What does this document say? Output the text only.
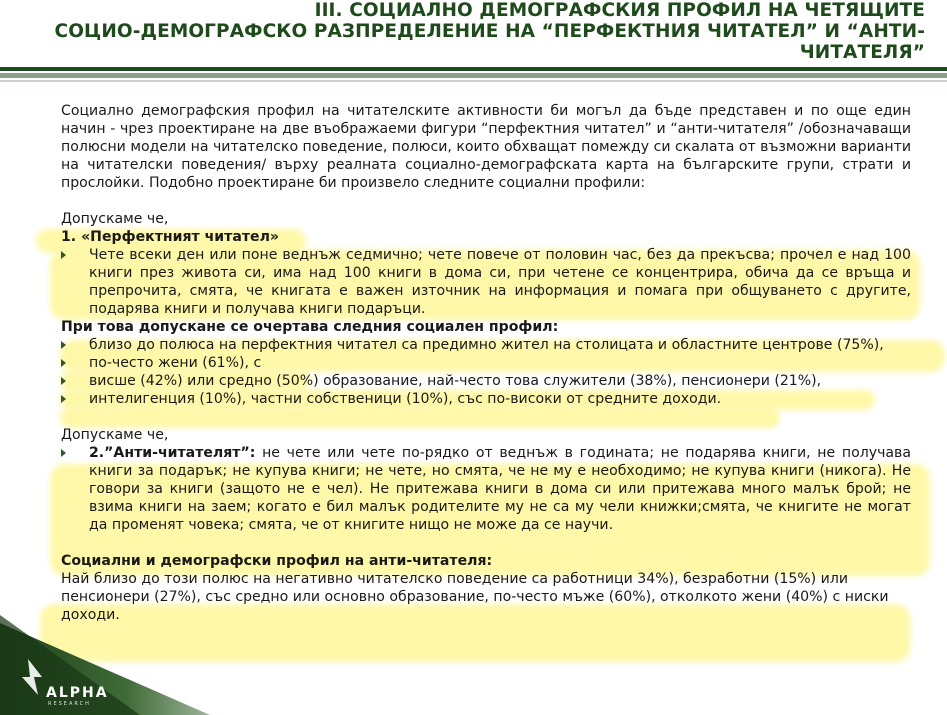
III. СОЦИАЛНО ДЕМОГРАФСКИЯ ПРОФИЛ НА ЧЕТЯЩИТЕ
СОЦИО-ДЕМОГРАФСКО РАЗПРЕДЕЛЕНИЕ НА “ПЕРФЕКТНИЯ ЧИТАТЕЛ” И “АНТИ-
ЧИТАТЕЛЯ”

Социално демографския профил на читателските активности би могъл да бъде представен и по още един начин - чрез проектиране на две въображаеми фигури “перфектния читател” и “анти-читателя” /обозначаващи полюсни модели на читателско поведение, полюси, които обхващат помежду си скалата от възможни варианти на читателски поведения/ върху реалната социално-демографската карта на българските групи, страти и прослойки. Подобно проектиране би произвело следните социални профили:

Допускаме че,

1. «Перфектният читател»

Чете всеки ден или поне веднъж седмично; чете повече от половин час, без да прекъсва; прочел е над 100 книги през живота си, има над 100 книги в дома си, при четене се концентрира, обича да се връща и препрочита, смята, че книгата е важен източник на информация и помага при общуването с другите, подарява книги и получава книги подаръци.

При това допускане се очертава следния социален профил:

близо до полюса на перфектния читател са предимно жител на столицата и областните центрове (75%),
по-често жени (61%), с
висше (42%) или средно (50%) образование, най-често това служители (38%), пенсионери (21%),
интелигенция (10%), частни собственици (10%), със по-високи от средните доходи.

Допускаме че,

2.”Анти-читателят”: не чете или чете по-рядко от веднъж в годината; не подарява книги, не получава книги за подарък; не купува книги; не чете, но смята, че не му е необходимо; не купува книги (никога). Не говори за книги (защото не е чел). Не притежава книги в дома си или притежава много малък брой; не взима книги на заем; когато е бил малък родителите му не са му чели книжки;смята, че книгите не могат да променят човека; смята, че от книгите нищо не може да се научи.

Социални и демографски профил на анти-читателя:

Най близо до този полюс на негативно читателско поведение са работници 34%), безработни (15%) или пенсионери (27%), със средно или основно образование, по-често мъже (60%), отколкото жени (40%) с ниски доходи.

ALPHA
RESEARCH
